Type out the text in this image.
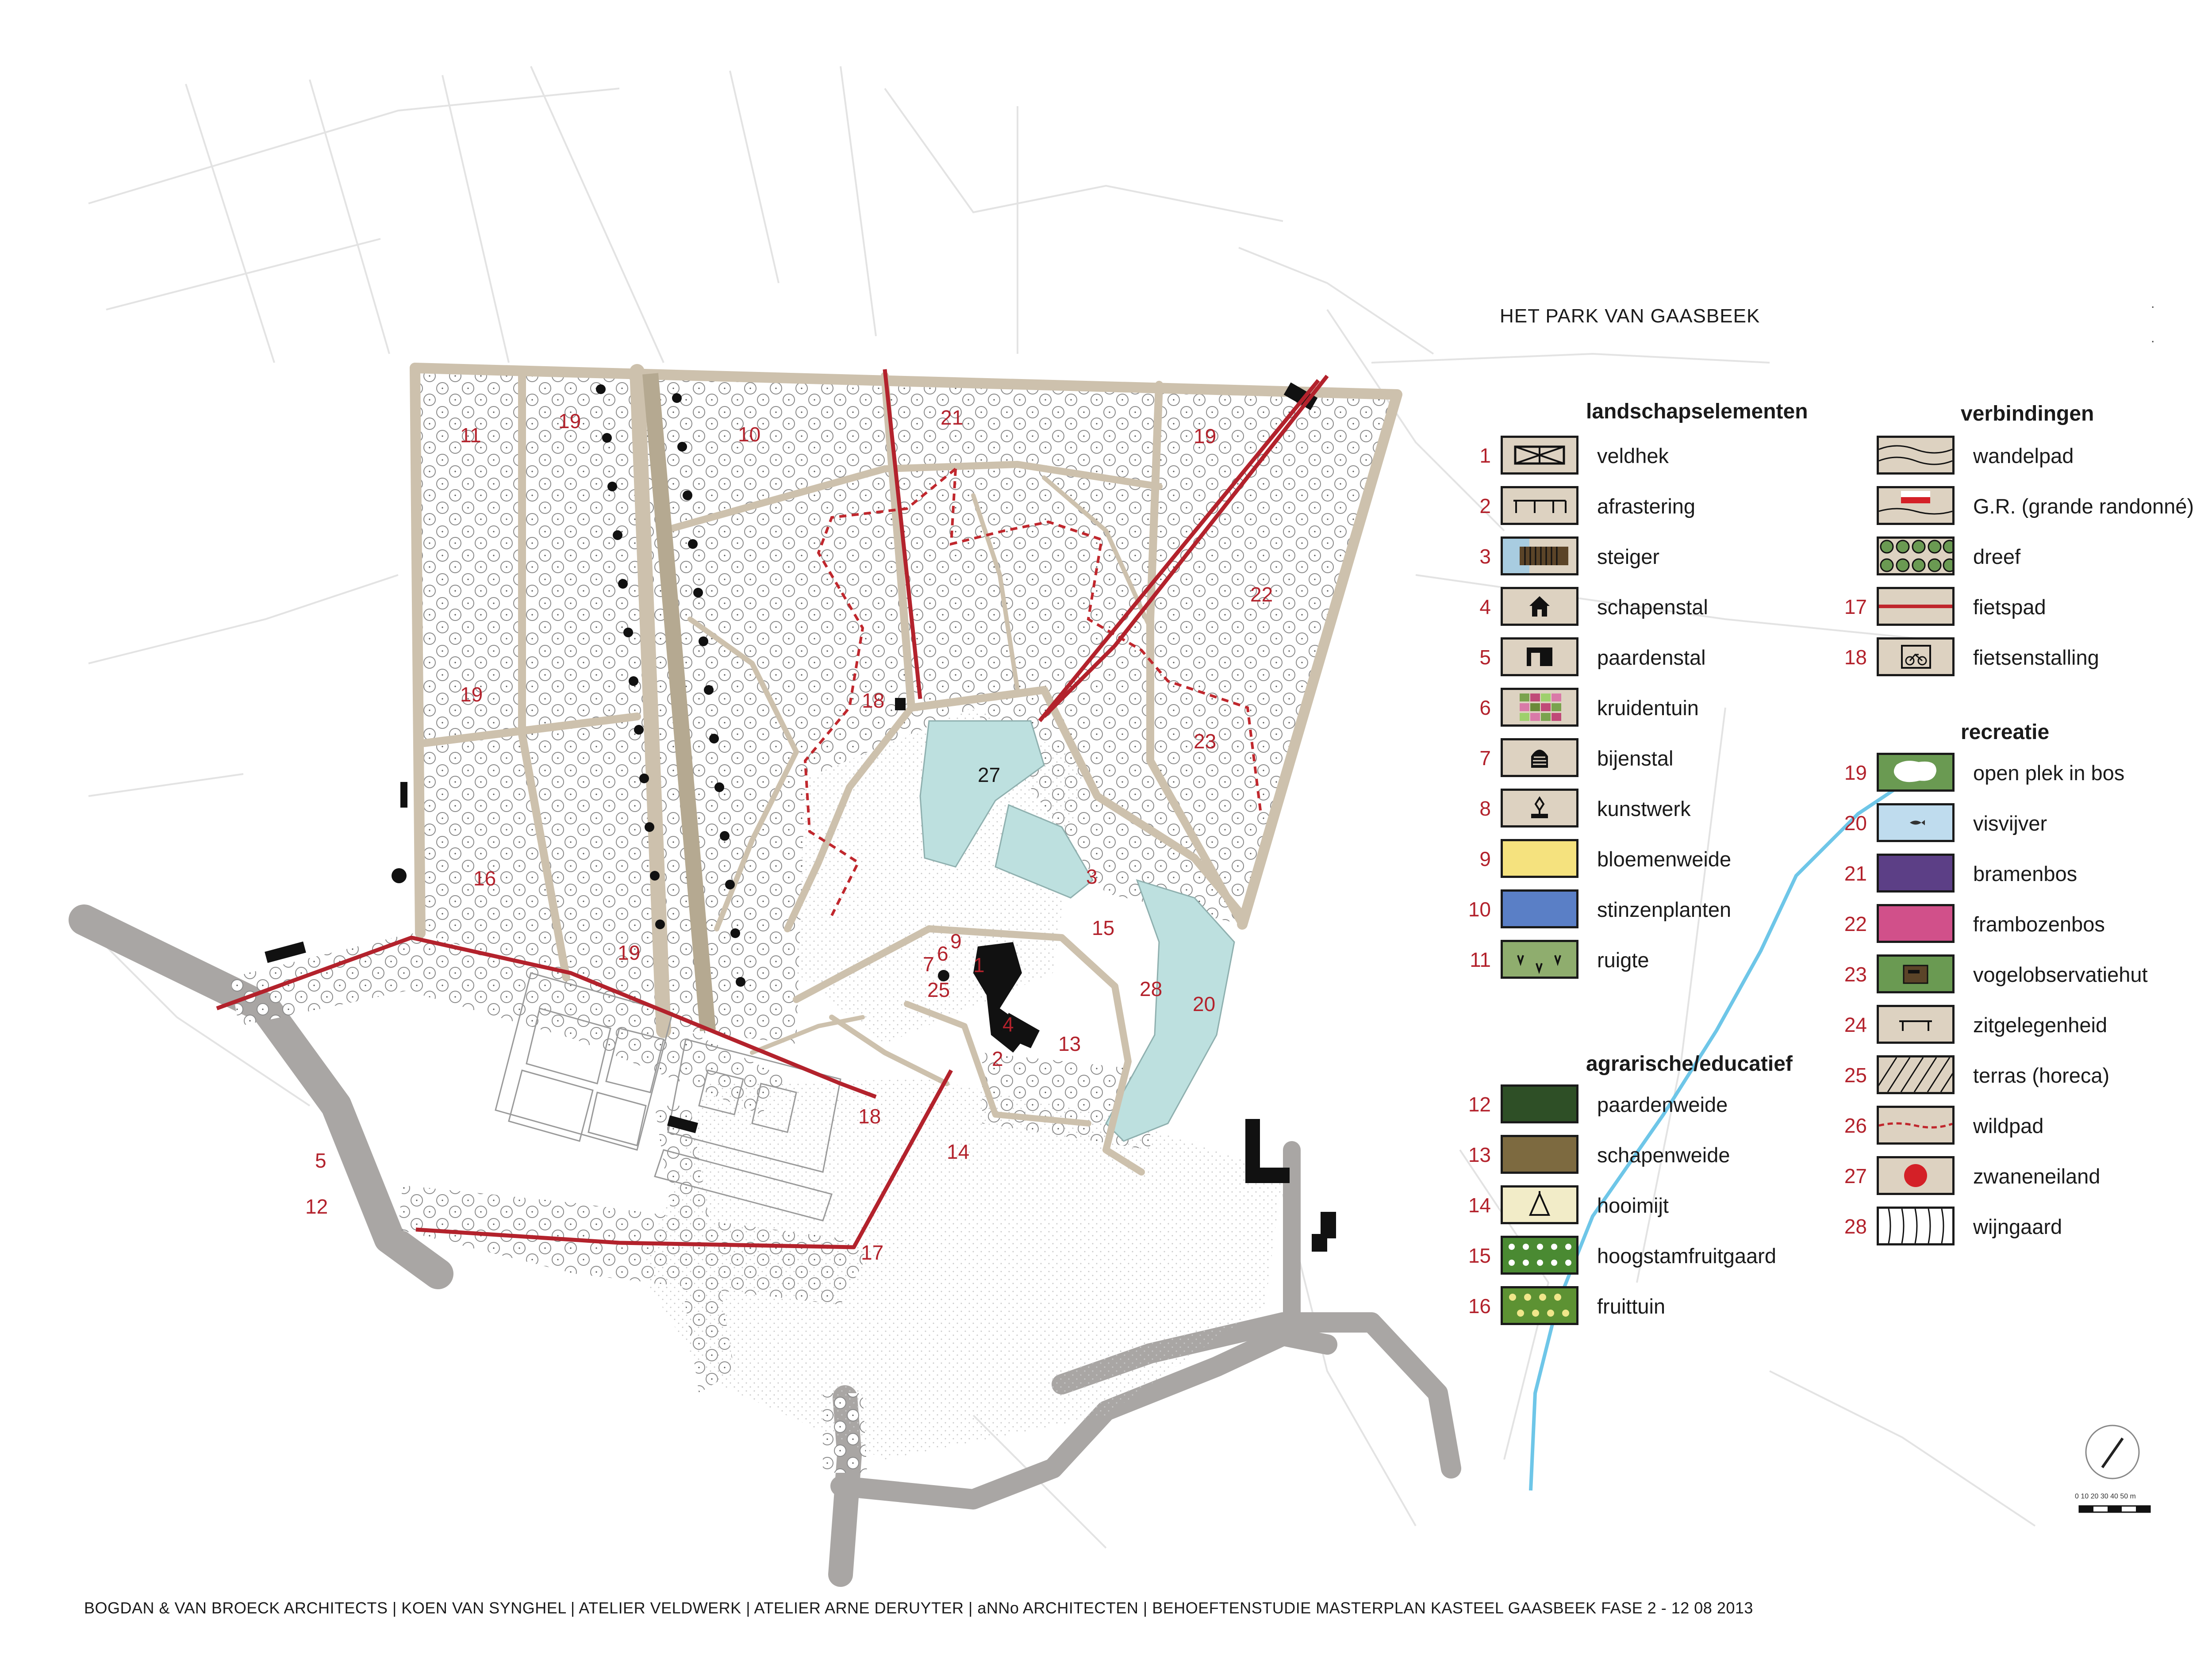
11
19
10
21
19
22
19	18
23
27
16	3
15
19
1
7 6
9
25	28
20
4
13
2
18
14
5
12
17
0 10 20 30 40 50 m
HET PARK VAN GAASBEEK
.
.
landschapselementen
agrarische/educatief
verbindingen
recreatie
1	veldhek
2	afrastering
3	steiger
4	schapenstal
5	paardenstal
6	kruidentuin
7	bijenstal
8	kunstwerk
9	bloemenweide
10	stinzenplanten
11	ruigte
12	paardenweide
13	schapenweide
14	hooimijt
15	hoogstamfruitgaard
16	fruittuin
wandelpad
G.R. (grande randonné)
dreef
17	fietspad
18	fietsenstalling
19	open plek in bos
20	visvijver
21	bramenbos
22	frambozenbos
23	vogelobservatiehut
24	zitgelegenheid
25	terras (horeca)
26	wildpad
27	zwaneneiland
28	wijngaard
BOGDAN & VAN BROECK ARCHITECTS | KOEN VAN SYNGHEL | ATELIER VELDWERK | ATELIER ARNE DERUYTER | aNNo ARCHITECTEN | BEHOEFTENSTUDIE MASTERPLAN KASTEEL GAASBEEK FASE 2 - 12 08 2013
